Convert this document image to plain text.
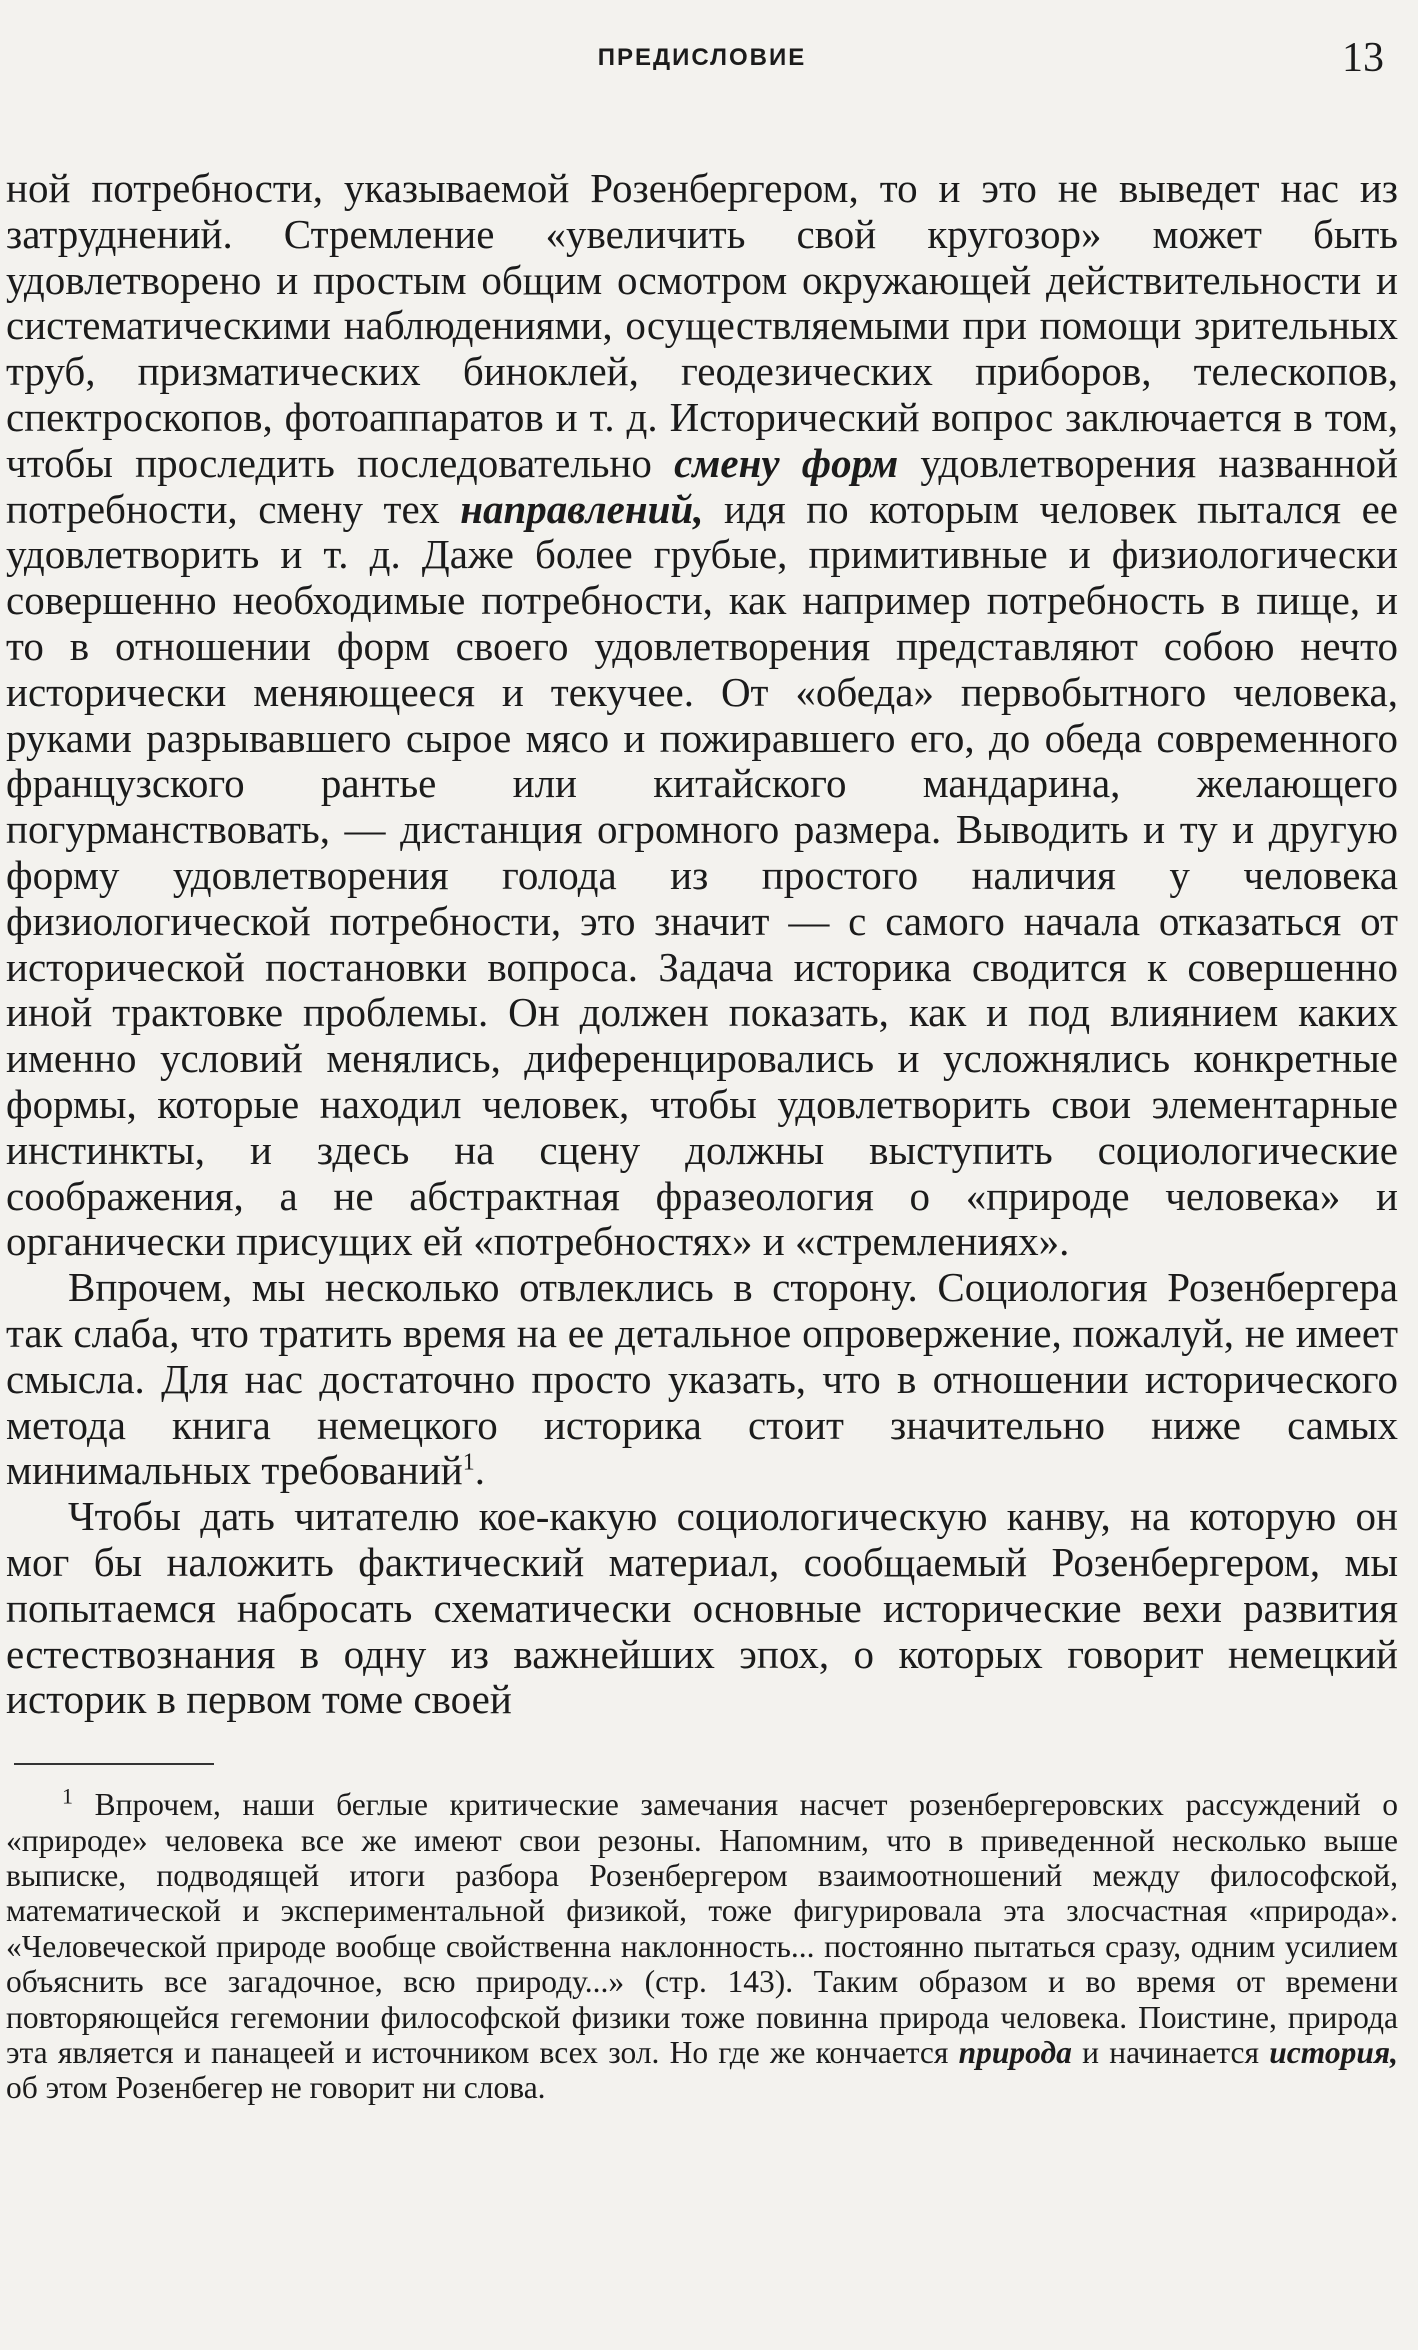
ПРЕДИСЛОВИЕ	13

ной потребности, указываемой Розенбергером, то и это не выведет нас из затруднений. Стремление «увеличить свой кругозор» может быть удовлетворено и простым общим осмотром окружающей действительности и систематическими наблюдениями, осуществляемыми при помощи зрительных труб, призматических биноклей, геодезических приборов, телескопов, спектроскопов, фотоаппаратов и т. д. Исторический вопрос заключается в том, чтобы проследить последовательно смену форм удовлетворения названной потребности, смену тех направлений, идя по которым человек пытался ее удовлетворить и т. д. Даже более грубые, примитивные и физиологически совершенно необходимые потребности, как например потребность в пище, и то в отношении форм своего удовлетворения представляют собою нечто исторически меняющееся и текучее. От «обеда» первобытного человека, руками разрывавшего сырое мясо и пожиравшего его, до обеда современного французского рантье или китайского мандарина, желающего погурманствовать, — дистанция огромного размера. Выводить и ту и другую форму удовлетворения голода из простого наличия у человека физиологической потребности, это значит — с самого начала отказаться от исторической постановки вопроса. Задача историка сводится к совершенно иной трактовке проблемы. Он должен показать, как и под влиянием каких именно условий менялись, диференцировались и усложнялись конкретные формы, которые находил человек, чтобы удовлетворить свои элементарные инстинкты, и здесь на сцену должны выступить социологические соображения, а не абстрактная фразеология о «природе человека» и органически присущих ей «потребностях» и «стремлениях».

Впрочем, мы несколько отвлеклись в сторону. Социология Розенбергера так слаба, что тратить время на ее детальное опровержение, пожалуй, не имеет смысла. Для нас достаточно просто указать, что в отношении исторического метода книга немецкого историка стоит значительно ниже самых минимальных требований$^1$.

Чтобы дать читателю кое-какую социологическую канву, на которую он мог бы наложить фактический материал, сообщаемый Розенбергером, мы попытаемся набросать схематически основные исторические вехи развития естествознания в одну из важнейших эпох, о которых говорит немецкий историк в первом томе своей

$^1$ Впрочем, наши беглые критические замечания насчет розенбергеровских рассуждений о «природе» человека все же имеют свои резоны. Напомним, что в приведенной несколько выше выписке, подводящей итоги разбора Розенбергером взаимоотношений между философской, математической и экспериментальной физикой, тоже фигурировала эта злосчастная «природа». «Человеческой природе вообще свойственна наклонность... постоянно пытаться сразу, одним усилием объяснить все загадочное, всю природу...» (стр. 143). Таким образом и во время от времени повторяющейся гегемонии философской физики тоже повинна природа человека. Поистине, природа эта является и панацеей и источником всех зол. Но где же кончается природа и начинается история, об этом Розенбегер не говорит ни слова.
